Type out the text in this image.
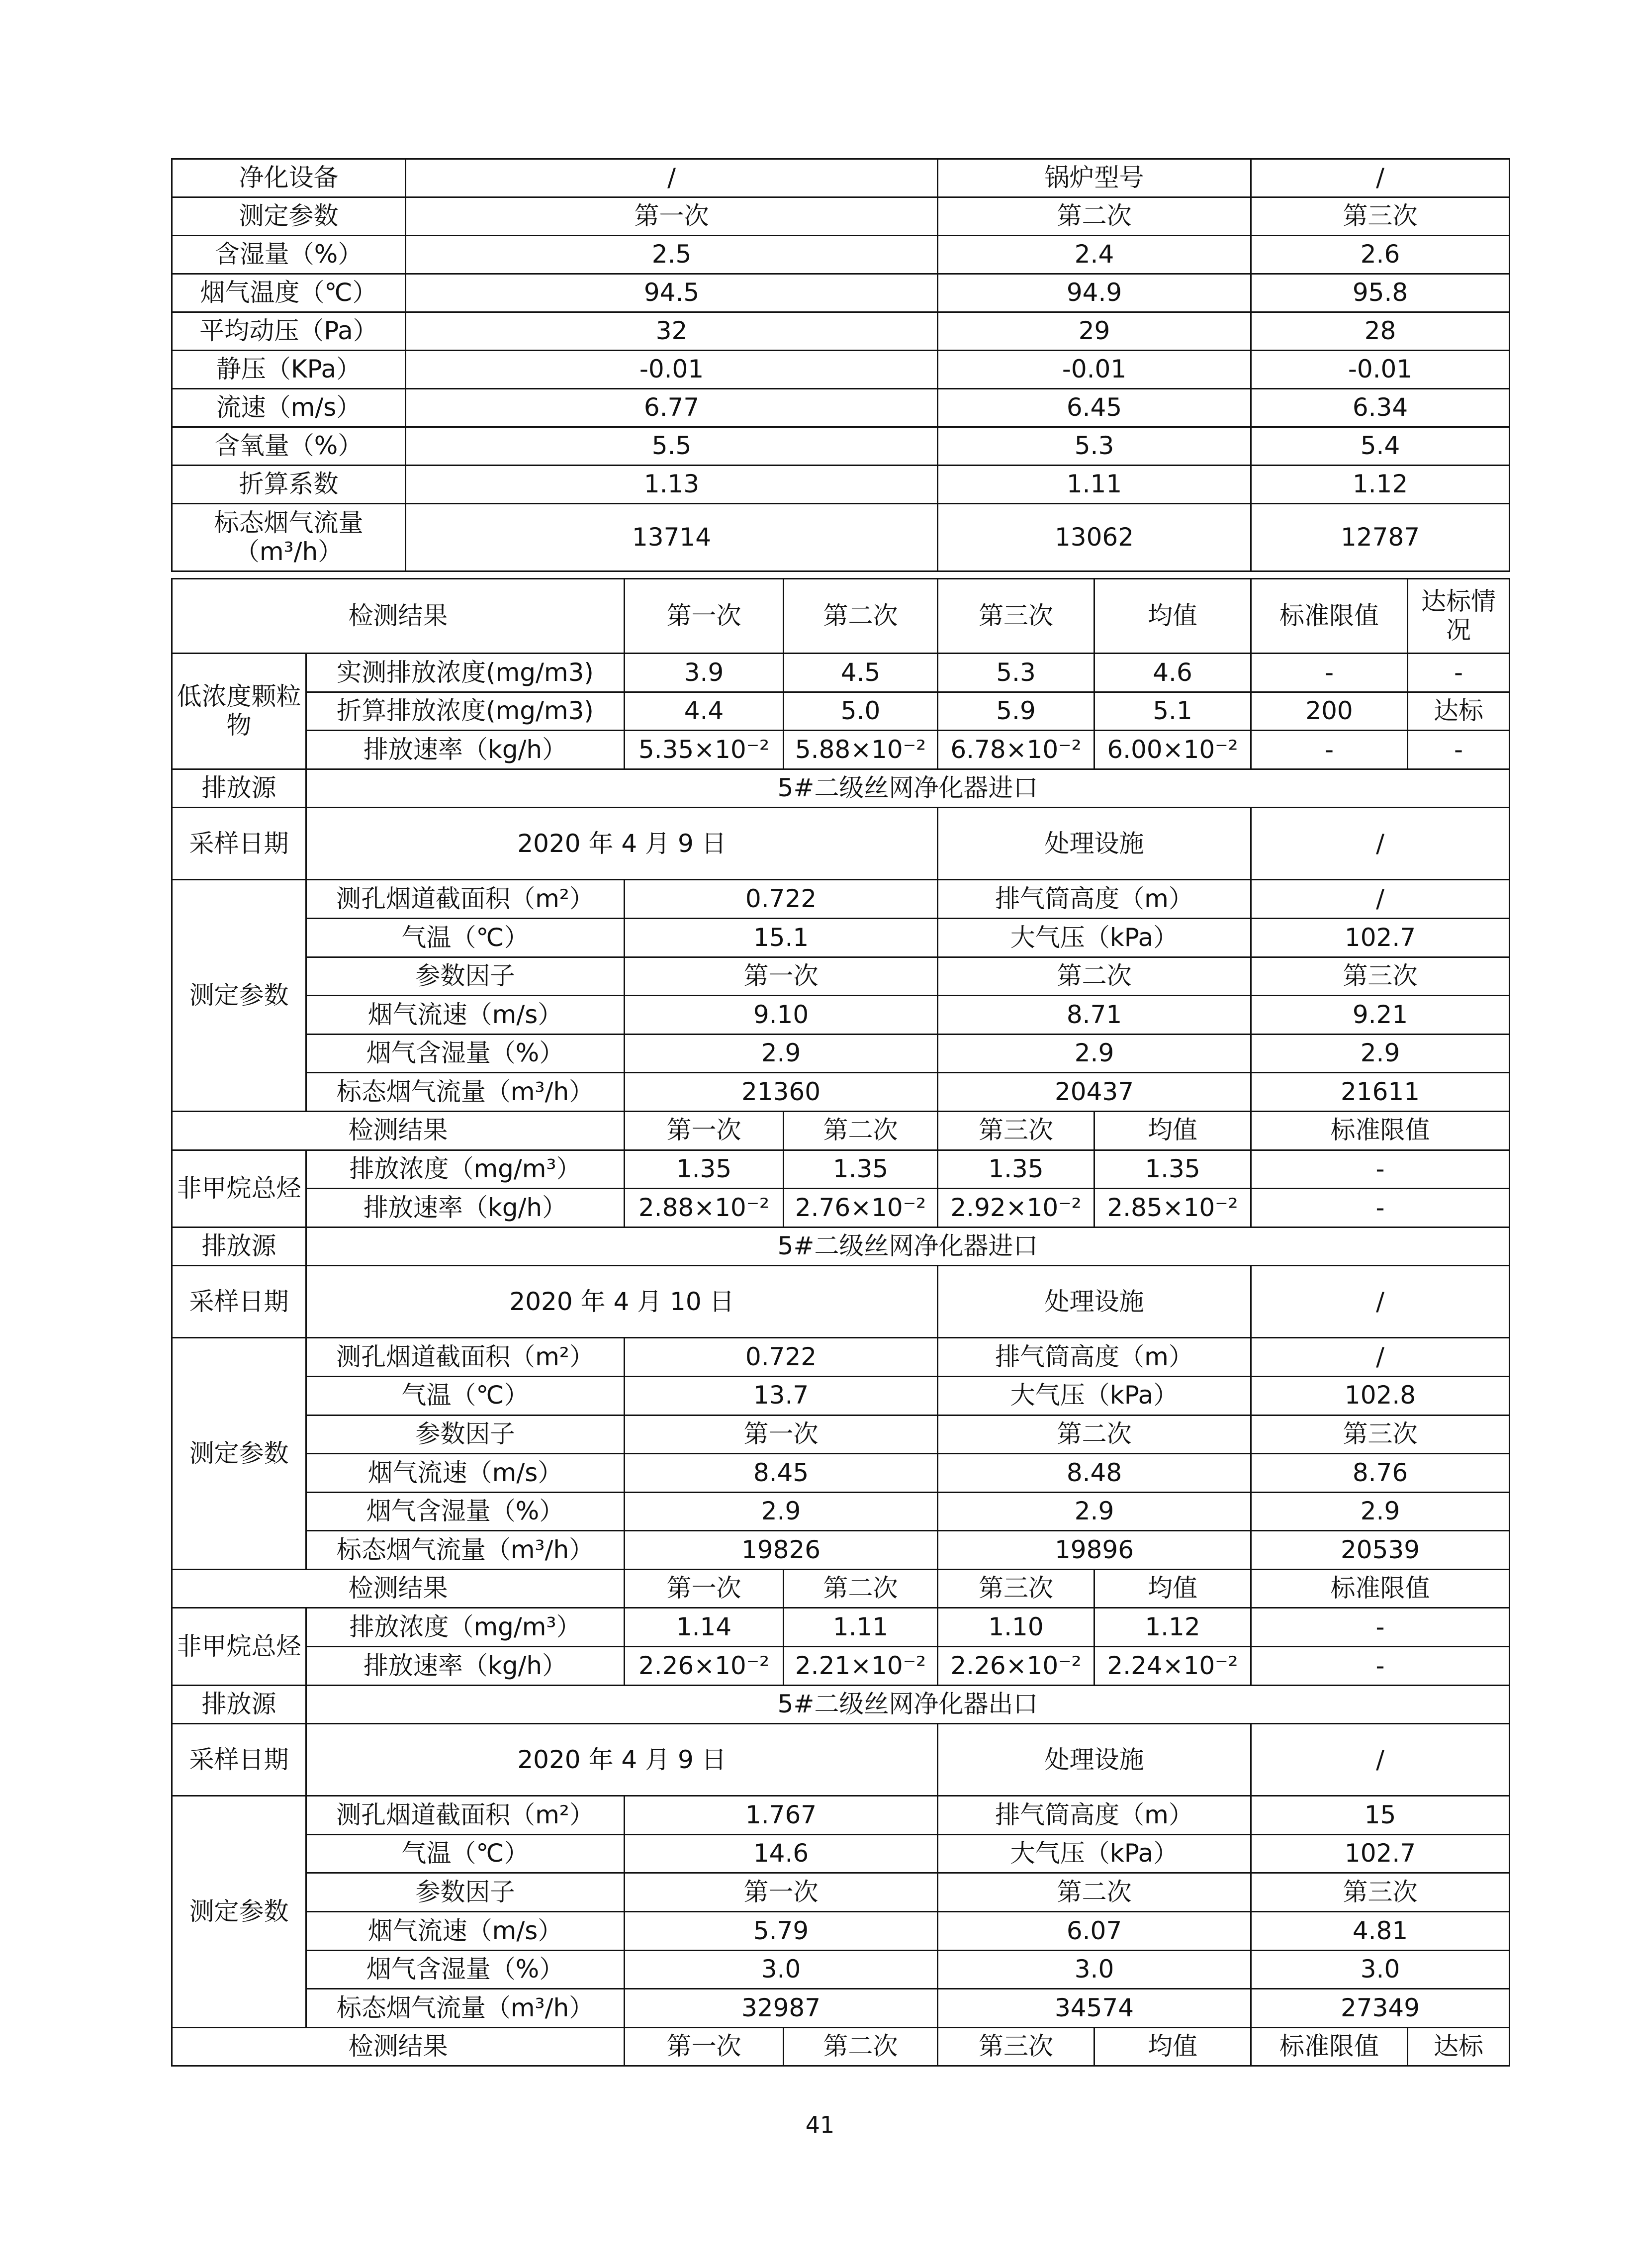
净化设备	/	锅炉型号	/
测定参数	第一次	第二次	第三次
含湿量（%）	2.5	2.4	2.6
烟气温度（℃）	94.5	94.9	95.8
平均动压（Pa）	32	29	28
静压（KPa）	-0.01	-0.01	-0.01
流速（m/s）	6.77	6.45	6.34
含氧量（%）	5.5	5.3	5.4
折算系数	1.13	1.11	1.12
标态烟气流量（m³/h）	13714	13062	12787
检测结果		第一次	第二次	第三次	均值	标准限值	达标情况
低浓度颗粒物	实测排放浓度(mg/m3)	3.9	4.5	5.3	4.6	-	-
	折算排放浓度(mg/m3)	4.4	5.0	5.9	5.1	200	达标
	排放速率（kg/h）	5.35×10⁻²	5.88×10⁻²	6.78×10⁻²	6.00×10⁻²	-	-
排放源	5#二级丝网净化器进口						
采样日期	2020 年 4 月 9 日			处理设施		/	
测定参数	测孔烟道截面积（m²）	0.722		排气筒高度（m）		/	
	气温（℃）	15.1		大气压（kPa）		102.7	
	参数因子	第一次		第二次		第三次	
	烟气流速（m/s）	9.10		8.71		9.21	
	烟气含湿量（%）	2.9		2.9		2.9	
	标态烟气流量（m³/h）	21360		20437		21611	
检测结果		第一次	第二次	第三次	均值	标准限值	
非甲烷总烃	排放浓度（mg/m³）	1.35	1.35	1.35	1.35	-	
	排放速率（kg/h）	2.88×10⁻²	2.76×10⁻²	2.92×10⁻²	2.85×10⁻²	-	
排放源	5#二级丝网净化器进口						
采样日期	2020 年 4 月 10 日			处理设施		/	
测定参数	测孔烟道截面积（m²）	0.722		排气筒高度（m）		/	
	气温（℃）	13.7		大气压（kPa）		102.8	
	参数因子	第一次		第二次		第三次	
	烟气流速（m/s）	8.45		8.48		8.76	
	烟气含湿量（%）	2.9		2.9		2.9	
	标态烟气流量（m³/h）	19826		19896		20539	
检测结果		第一次	第二次	第三次	均值	标准限值	
非甲烷总烃	排放浓度（mg/m³）	1.14	1.11	1.10	1.12	-	
	排放速率（kg/h）	2.26×10⁻²	2.21×10⁻²	2.26×10⁻²	2.24×10⁻²	-	
排放源	5#二级丝网净化器出口						
采样日期	2020 年 4 月 9 日			处理设施		/	
测定参数	测孔烟道截面积（m²）	1.767		排气筒高度（m）		15	
	气温（℃）	14.6		大气压（kPa）		102.7	
	参数因子	第一次		第二次		第三次	
	烟气流速（m/s）	5.79		6.07		4.81	
	烟气含湿量（%）	3.0		3.0		3.0	
	标态烟气流量（m³/h）	32987		34574		27349	
检测结果		第一次	第二次	第三次	均值	标准限值	达标
41
